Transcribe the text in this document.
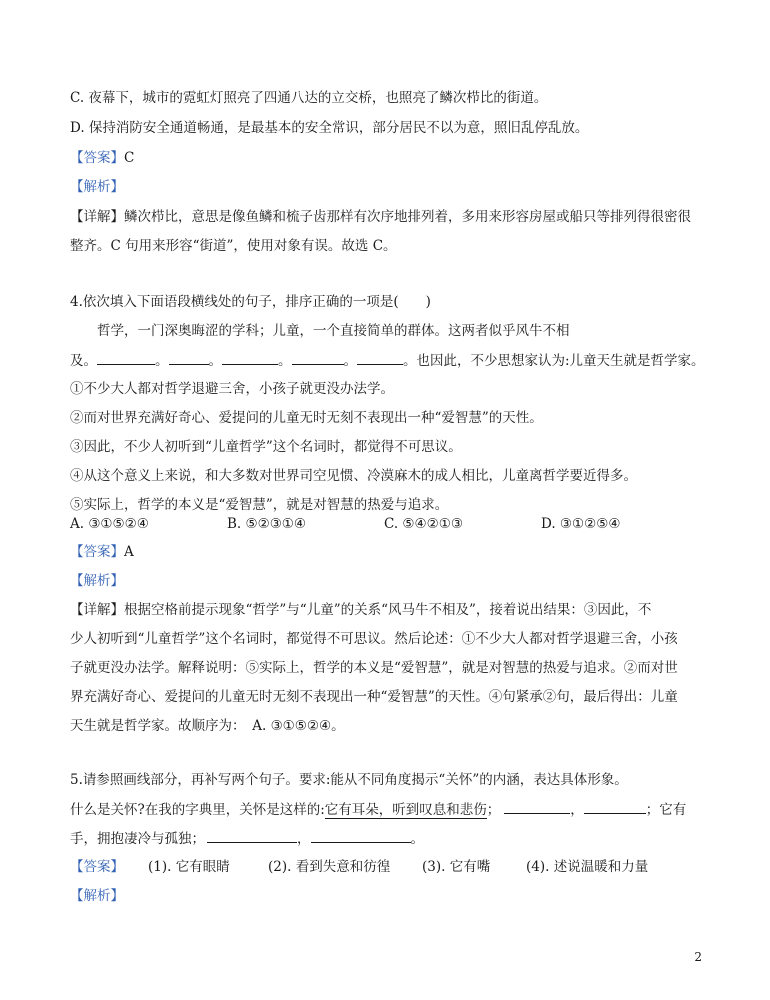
C. 夜幕下，城市的霓虹灯照亮了四通八达的立交桥，也照亮了鳞次栉比的街道。
D. 保持消防安全通道畅通，是最基本的安全常识，部分居民不以为意，照旧乱停乱放。
【答案】C
【解析】
【详解】鳞次栉比，意思是像鱼鳞和梳子齿那样有次序地排列着，多用来形容房屋或船只等排列得很密很
整齐。C 句用来形容“街道”，使用对象有误。故选 C。
4.依次填入下面语段横线处的句子，排序正确的一项是(　　)
哲学，一门深奥晦涩的学科；儿童，一个直接简单的群体。这两者似乎风牛不相
及。	。	。	。	。	。也因此，不少思想家认为:儿童天生就是哲学家。
①不少大人都对哲学退避三舍，小孩子就更没办法学。
②而对世界充满好奇心、爱提问的儿童无时无刻不表现出一种“爱智慧”的天性。
③因此，不少人初听到“儿童哲学”这个名词时，都觉得不可思议。
④从这个意义上来说，和大多数对世界司空见惯、冷漠麻木的成人相比，儿童离哲学要近得多。
⑤实际上，哲学的本义是“爱智慧”，就是对智慧的热爱与追求。
A. ③①⑤②④	B. ⑤②③①④	C. ⑤④②①③	D. ③①②⑤④
【答案】A
【解析】
【详解】根据空格前提示现象“哲学”与“儿童”的关系“风马牛不相及”，接着说出结果：③因此，不
少人初听到“儿童哲学”这个名词时，都觉得不可思议。然后论述：①不少大人都对哲学退避三舍，小孩
子就更没办法学。解释说明：⑤实际上，哲学的本义是“爱智慧”，就是对智慧的热爱与追求。②而对世
界充满好奇心、爱提问的儿童无时无刻不表现出一种“爱智慧”的天性。④句紧承②句，最后得出：儿童
天生就是哲学家。故顺序为：　A. ③①⑤②④。
5.请参照画线部分，再补写两个句子。要求:能从不同角度揭示“关怀”的内涵，表达具体形象。
什么是关怀?在我的字典里，关怀是这样的:它有耳朵，听到叹息和悲伤；	，	；它有
手，拥抱凄冷与孤独；	，	。
【答案】 (1). 它有眼睛	(2). 看到失意和彷徨 (3). 它有嘴	(4). 述说温暖和力量
【解析】
2
